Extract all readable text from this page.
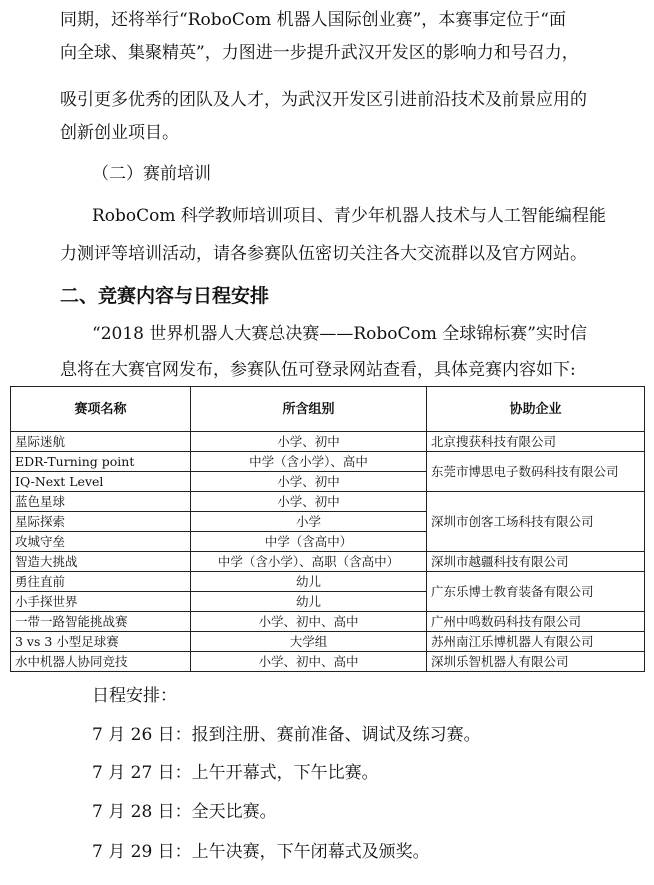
同期，还将举行“RoboCom 机器人国际创业赛”，本赛事定位于“面

向全球、集聚精英”，力图进一步提升武汉开发区的影响力和号召力，

吸引更多优秀的团队及人才，为武汉开发区引进前沿技术及前景应用的

创新创业项目。

（二）赛前培训

RoboCom 科学教师培训项目、青少年机器人技术与人工智能编程能

力测评等培训活动，请各参赛队伍密切关注各大交流群以及官方网站。

二、竞赛内容与日程安排

“2018 世界机器人大赛总决赛——RoboCom 全球锦标赛”实时信

息将在大赛官网发布，参赛队伍可登录网站查看，具体竞赛内容如下:

赛项名称	所含组别	协助企业
星际迷航	小学、初中	北京搜获科技有限公司
EDR-Turning point	中学（含小学）、高中	东莞市博思电子数码科技有限公司
IQ-Next Level	小学、初中	
蓝色星球	小学、初中	深圳市创客工场科技有限公司
星际探索	小学	
攻城守垒	中学（含高中）	
智造大挑战	中学（含小学）、高职（含高中）	深圳市越疆科技有限公司
勇往直前	幼儿	广东乐博士教育装备有限公司
小手探世界	幼儿	
一带一路智能挑战赛	小学、初中、高中	广州中鸣数码科技有限公司
3 vs 3 小型足球赛	大学组	苏州南江乐博机器人有限公司
水中机器人协同竞技	小学、初中、高中	深圳乐智机器人有限公司

日程安排：

7 月 26 日：报到注册、赛前准备、调试及练习赛。

7 月 27 日：上午开幕式，下午比赛。

7 月 28 日：全天比赛。

7 月 29 日：上午决赛，下午闭幕式及颁奖。
